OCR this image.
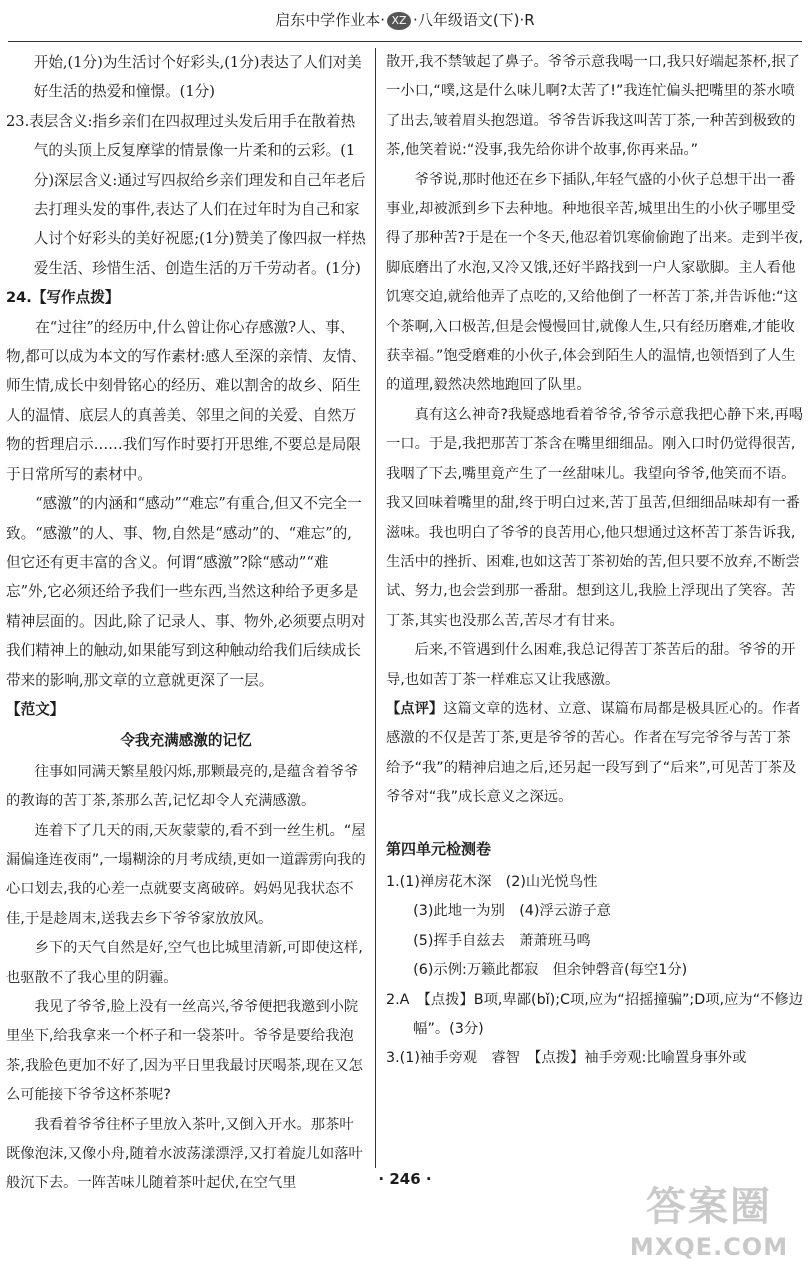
启东中学作业本· XZ ·八年级语文(下)·R

开始,(1分)为生活讨个好彩头,(1分)表达了人们对美好生活的热爱和憧憬。(1分)

23.表层含义:指乡亲们在四叔理过头发后用手在散着热气的头顶上反复摩挲的情景像一片柔和的云彩。(1分)深层含义:通过写四叔给乡亲们理发和自己年老后去打理头发的事件,表达了人们在过年时为自己和家人讨个好彩头的美好祝愿;(1分)赞美了像四叔一样热爱生活、珍惜生活、创造生活的万千劳动者。(1分)

24.【写作点拨】

在“过往”的经历中,什么曾让你心存感激?人、事、物,都可以成为本文的写作素材:感人至深的亲情、友情、师生情,成长中刻骨铭心的经历、难以割舍的故乡、陌生人的温情、底层人的真善美、邻里之间的关爱、自然万物的哲理启示……我们写作时要打开思维,不要总是局限于日常所写的素材中。

“感激”的内涵和“感动”“难忘”有重合,但又不完全一致。“感激”的人、事、物,自然是“感动”的、“难忘”的,但它还有更丰富的含义。何谓“感激”?除“感动”“难忘”外,它必须还给予我们一些东西,当然这种给予更多是精神层面的。因此,除了记录人、事、物外,必须要点明对我们精神上的触动,如果能写到这种触动给我们后续成长带来的影响,那文章的立意就更深了一层。

【范文】

令我充满感激的记忆

往事如同满天繁星般闪烁,那颗最亮的,是蕴含着爷爷的教诲的苦丁茶,茶那么苦,记忆却令人充满感激。

连着下了几天的雨,天灰蒙蒙的,看不到一丝生机。“屋漏偏逢连夜雨”,一塌糊涂的月考成绩,更如一道霹雳向我的心口划去,我的心差一点就要支离破碎。妈妈见我状态不佳,于是趁周末,送我去乡下爷爷家放放风。

乡下的天气自然是好,空气也比城里清新,可即使这样,也驱散不了我心里的阴霾。

我见了爷爷,脸上没有一丝高兴,爷爷便把我邀到小院里坐下,给我拿来一个杯子和一袋茶叶。爷爷是要给我泡茶,我脸色更加不好了,因为平日里我最讨厌喝茶,现在又怎么可能接下爷爷这杯茶呢?

我看着爷爷往杯子里放入茶叶,又倒入开水。那茶叶既像泡沫,又像小舟,随着水波荡漾漂浮,又打着旋儿如落叶般沉下去。一阵苦味儿随着茶叶起伏,在空气里

散开,我不禁皱起了鼻子。爷爷示意我喝一口,我只好端起茶杯,抿了一小口,“噗,这是什么味儿啊?太苦了!”我连忙偏头把嘴里的茶水喷了出去,皱着眉头抱怨道。爷爷告诉我这叫苦丁茶,一种苦到极致的茶,他笑着说:“没事,我先给你讲个故事,你再来品。”

爷爷说,那时他还在乡下插队,年轻气盛的小伙子总想干出一番事业,却被派到乡下去种地。种地很辛苦,城里出生的小伙子哪里受得了那种苦?于是在一个冬天,他忍着饥寒偷偷跑了出来。走到半夜,脚底磨出了水泡,又冷又饿,还好半路找到一户人家歇脚。主人看他饥寒交迫,就给他弄了点吃的,又给他倒了一杯苦丁茶,并告诉他:“这个茶啊,入口极苦,但是会慢慢回甘,就像人生,只有经历磨难,才能收获幸福。”饱受磨难的小伙子,体会到陌生人的温情,也领悟到了人生的道理,毅然决然地跑回了队里。

真有这么神奇?我疑惑地看着爷爷,爷爷示意我把心静下来,再喝一口。于是,我把那苦丁茶含在嘴里细细品。刚入口时仍觉得很苦,我咽了下去,嘴里竟产生了一丝甜味儿。我望向爷爷,他笑而不语。我又回味着嘴里的甜,终于明白过来,苦丁虽苦,但细细品味却有一番滋味。我也明白了爷爷的良苦用心,他只想通过这杯苦丁茶告诉我,生活中的挫折、困难,也如这苦丁茶初始的苦,但只要不放弃,不断尝试、努力,也会尝到那一番甜。想到这儿,我脸上浮现出了笑容。苦丁茶,其实也没那么苦,苦尽才有甘来。

后来,不管遇到什么困难,我总记得苦丁茶苦后的甜。爷爷的开导,也如苦丁茶一样难忘又让我感激。

【点评】这篇文章的选材、立意、谋篇布局都是极具匠心的。作者感激的不仅是苦丁茶,更是爷爷的苦心。作者在写完爷爷与苦丁茶给予“我”的精神启迪之后,还另起一段写到了“后来”,可见苦丁茶及爷爷对“我”成长意义之深远。

第四单元检测卷

1.(1)禅房花木深　(2)山光悦鸟性

(3)此地一为别　(4)浮云游子意

(5)挥手自兹去　萧萧班马鸣

(6)示例:万籁此都寂　但余钟磬音(每空1分)

2.A　【点拨】B项,卑鄙(bǐ);C项,应为“招摇撞骗”;D项,应为“不修边幅”。(3分)

3.(1)袖手旁观　睿智　【点拨】袖手旁观:比喻置身事外或

· 246 ·
答案圈
MXQE.COM
